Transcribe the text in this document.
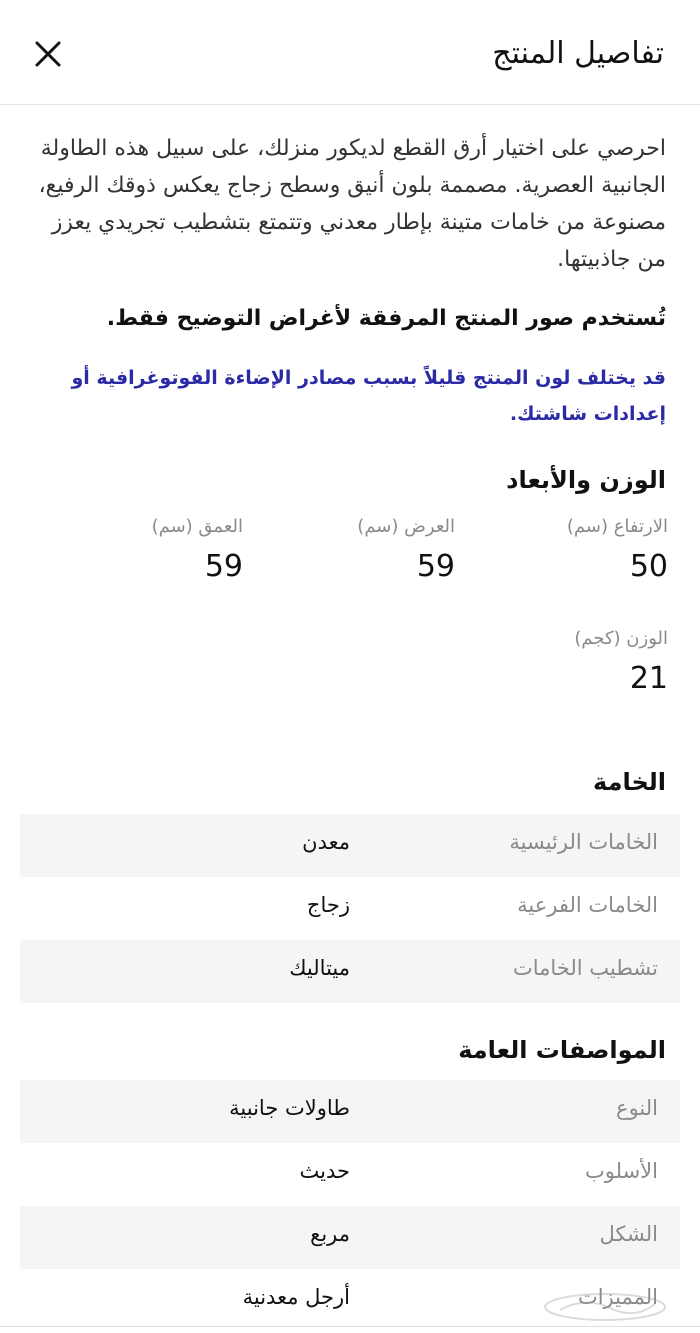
تفاصيل المنتج

احرصي على اختيار أرق القطع لديكور منزلك، على سبيل هذه الطاولة الجانبية العصرية. مصممة بلون أنيق وسطح زجاج يعكس ذوقك الرفيع، مصنوعة من خامات متينة بإطار معدني وتتمتع بتشطيب تجريدي يعزز من جاذبيتها.

تُستخدم صور المنتج المرفقة لأغراض التوضيح فقط.

قد يختلف لون المنتج قليلاً بسبب مصادر الإضاءة الفوتوغرافية أو إعدادات شاشتك.

الوزن والأبعاد
الارتفاع (سم)
50
العرض (سم)
59
العمق (سم)
59
الوزن (كجم)
21
الخامة
الخامات الرئيسية
معدن
الخامات الفرعية
زجاج
تشطيب الخامات
ميتاليك
المواصفات العامة
النوع
طاولات جانبية
الأسلوب
حديث
الشكل
مربع
المميزات
أرجل معدنية
